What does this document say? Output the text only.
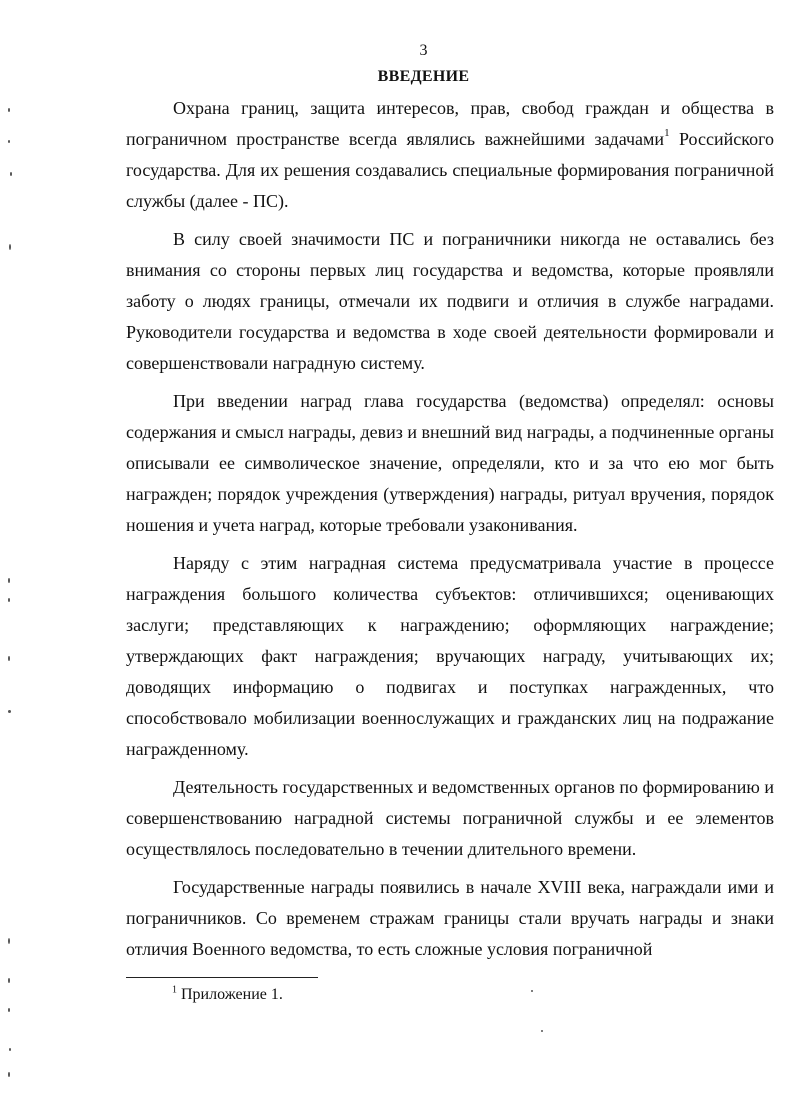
3
ВВЕДЕНИЕ

Охрана границ, защита интересов, прав, свобод граждан и общества в пограничном пространстве всегда являлись важнейшими задачами$^1$ Российского государства. Для их решения создавались специальные формирования пограничной службы (далее - ПС).

В силу своей значимости ПС и пограничники никогда не оставались без внимания со стороны первых лиц государства и ведомства, которые проявляли заботу о людях границы, отмечали их подвиги и отличия в службе наградами. Руководители государства и ведомства в ходе своей деятельности формировали и совершенствовали наградную систему.

При введении наград глава государства (ведомства) определял: основы содержания и смысл награды, девиз и внешний вид награды, а подчиненные органы описывали ее символическое значение, определяли, кто и за что ею мог быть награжден; порядок учреждения (утверждения) награды, ритуал вручения, порядок ношения и учета наград, которые требовали узаконивания.

Наряду с этим наградная система предусматривала участие в процессе награждения большого количества субъектов: отличившихся; оценивающих заслуги; представляющих к награждению; оформляющих награждение; утверждающих факт награждения; вручающих награду, учитывающих их; доводящих информацию о подвигах и поступках награжденных, что способствовало мобилизации военнослужащих и гражданских лиц на подражание награжденному.

Деятельность государственных и ведомственных органов по формированию и совершенствованию наградной системы пограничной службы и ее элементов осуществлялось последовательно в течении длительного времени.

Государственные награды появились в начале XVIII века, награждали ими и пограничников. Со временем стражам границы стали вручать награды и знаки отличия Военного ведомства, то есть сложные условия пограничной

$^1$ Приложение 1.
